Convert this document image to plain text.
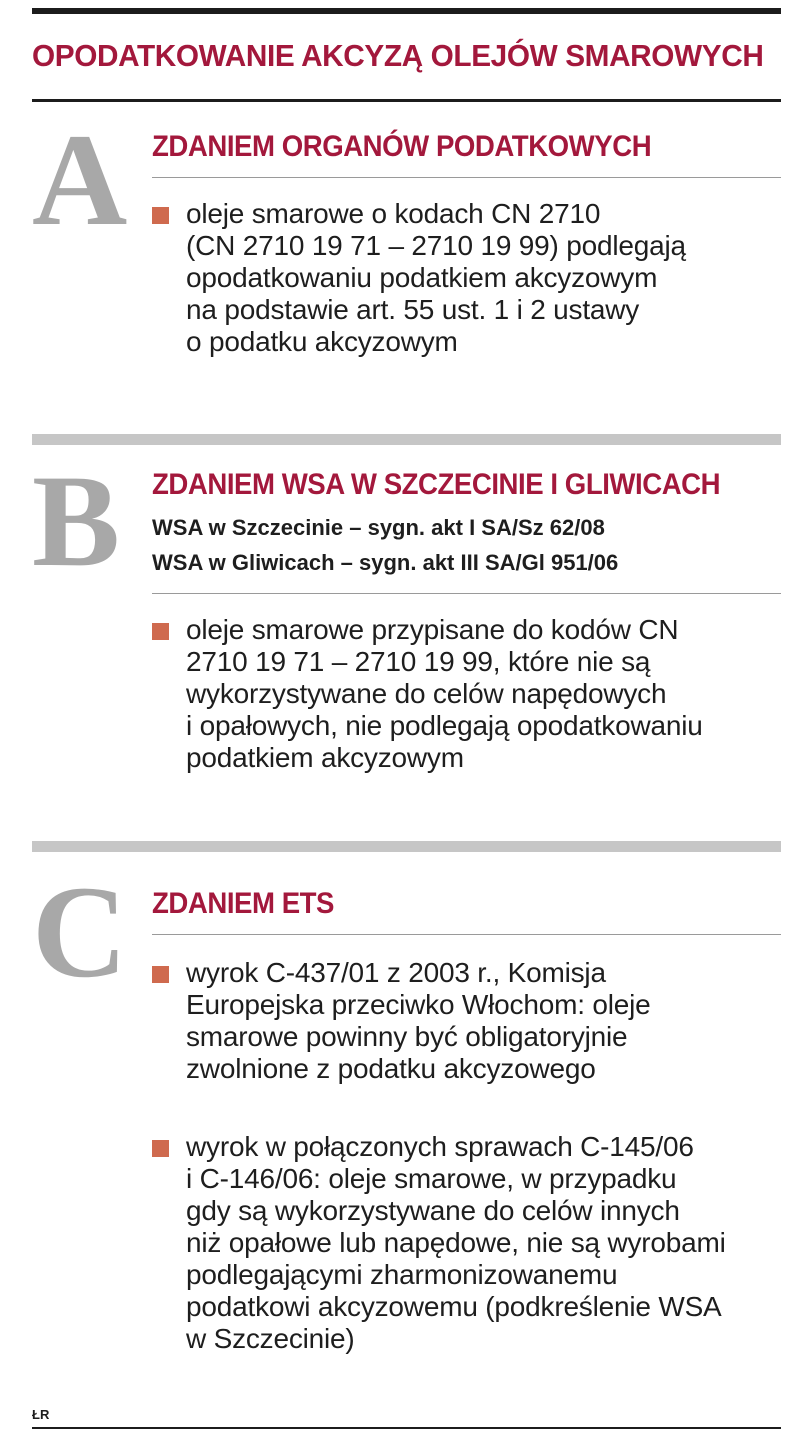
OPODATKOWANIE AKCYZĄ OLEJÓW SMAROWYCH
A ZDANIEM ORGANÓW PODATKOWYCH
oleje smarowe o kodach CN 2710
(CN 2710 19 71 – 2710 19 99) podlegają
opodatkowaniu podatkiem akcyzowym
na podstawie art. 55 ust. 1 i 2 ustawy
o podatku akcyzowym
B	ZDANIEM WSA W SZCZECINIE I GLIWICACH
WSA w Szczecinie – sygn. akt I SA/Sz 62/08
WSA w Gliwicach – sygn. akt III SA/Gl 951/06
oleje smarowe przypisane do kodów CN
2710 19 71 – 2710 19 99, które nie są
wykorzystywane do celów napędowych
i opałowych, nie podlegają opodatkowaniu
podatkiem akcyzowym
C ZDANIEM ETS
wyrok C-437/01 z 2003 r., Komisja
Europejska przeciwko Włochom: oleje
smarowe powinny być obligatoryjnie
zwolnione z podatku akcyzowego
wyrok w połączonych sprawach C-145/06
i C-146/06: oleje smarowe, w przypadku
gdy są wykorzystywane do celów innych
niż opałowe lub napędowe, nie są wyrobami
podlegającymi zharmonizowanemu
podatkowi akcyzowemu (podkreślenie WSA
w Szczecinie)
ŁR
